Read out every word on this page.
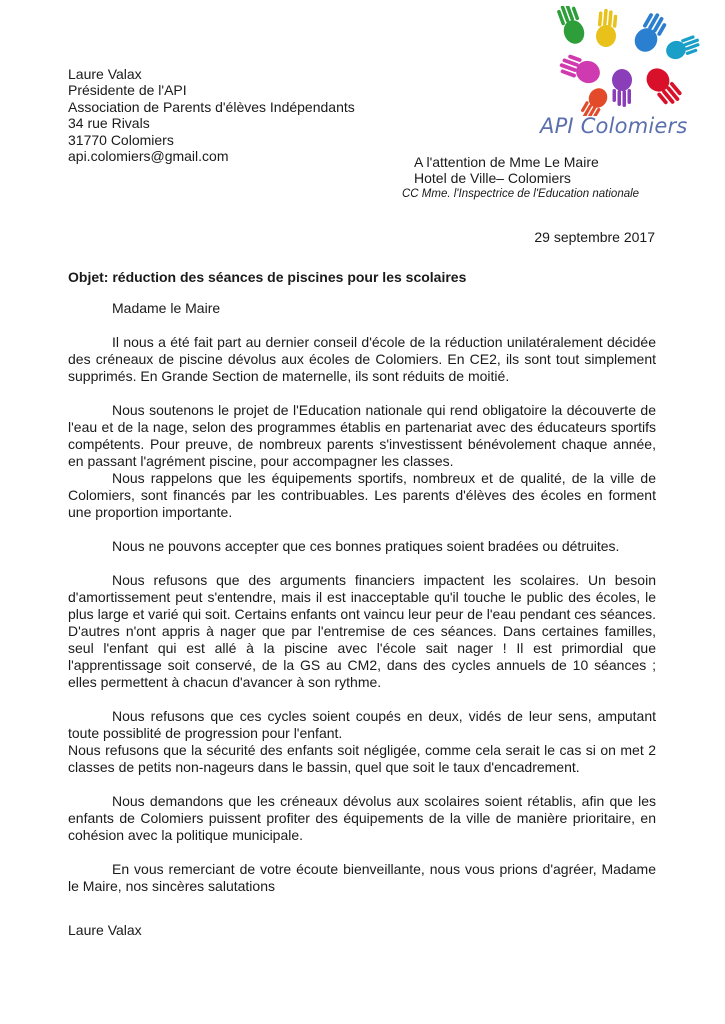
Laure Valax
Présidente de l'API
Association de Parents d'élèves Indépendants
34 rue Rivals
31770 Colomiers
api.colomiers@gmail.com
API Colomiers
A l'attention de Mme Le Maire
Hotel de Ville– Colomiers
CC Mme. l'Inspectrice de l'Education nationale
29 septembre 2017
Objet: réduction des séances de piscines pour les scolaires

Madame le Maire

Il nous a été fait part au dernier conseil d'école de la réduction unilatéralement décidée des créneaux de piscine dévolus aux écoles de Colomiers. En CE2, ils sont tout simplement supprimés. En Grande Section de maternelle, ils sont réduits de moitié.

Nous soutenons le projet de l'Education nationale qui rend obligatoire la découverte de l'eau et de la nage, selon des programmes établis en partenariat avec des éducateurs sportifs compétents. Pour preuve, de nombreux parents s'investissent bénévolement chaque année, en passant l'agrément piscine, pour accompagner les classes.

Nous rappelons que les équipements sportifs, nombreux et de qualité, de la ville de Colomiers, sont financés par les contribuables. Les parents d'élèves des écoles en forment une proportion importante.

Nous ne pouvons accepter que ces bonnes pratiques soient bradées ou détruites.

Nous refusons que des arguments financiers impactent les scolaires. Un besoin d'amortissement peut s'entendre, mais il est inacceptable qu'il touche le public des écoles, le plus large et varié qui soit. Certains enfants ont vaincu leur peur de l'eau pendant ces séances. D'autres n'ont appris à nager que par l'entremise de ces séances. Dans certaines familles, seul l'enfant qui est allé à la piscine avec l'école sait nager ! Il est primordial que l'apprentissage soit conservé, de la GS au CM2, dans des cycles annuels de 10 séances ; elles permettent à chacun d'avancer à son rythme.

Nous refusons que ces cycles soient coupés en deux, vidés de leur sens, amputant toute possiblité de progression pour l'enfant.

Nous refusons que la sécurité des enfants soit négligée, comme cela serait le cas si on met 2 classes de petits non-nageurs dans le bassin, quel que soit le taux d'encadrement.

Nous demandons que les créneaux dévolus aux scolaires soient rétablis, afin que les enfants de Colomiers puissent profiter des équipements de la ville de manière prioritaire, en cohésion avec la politique municipale.

En vous remerciant de votre écoute bienveillante, nous vous prions d'agréer, Madame le Maire, nos sincères salutations

Laure Valax
